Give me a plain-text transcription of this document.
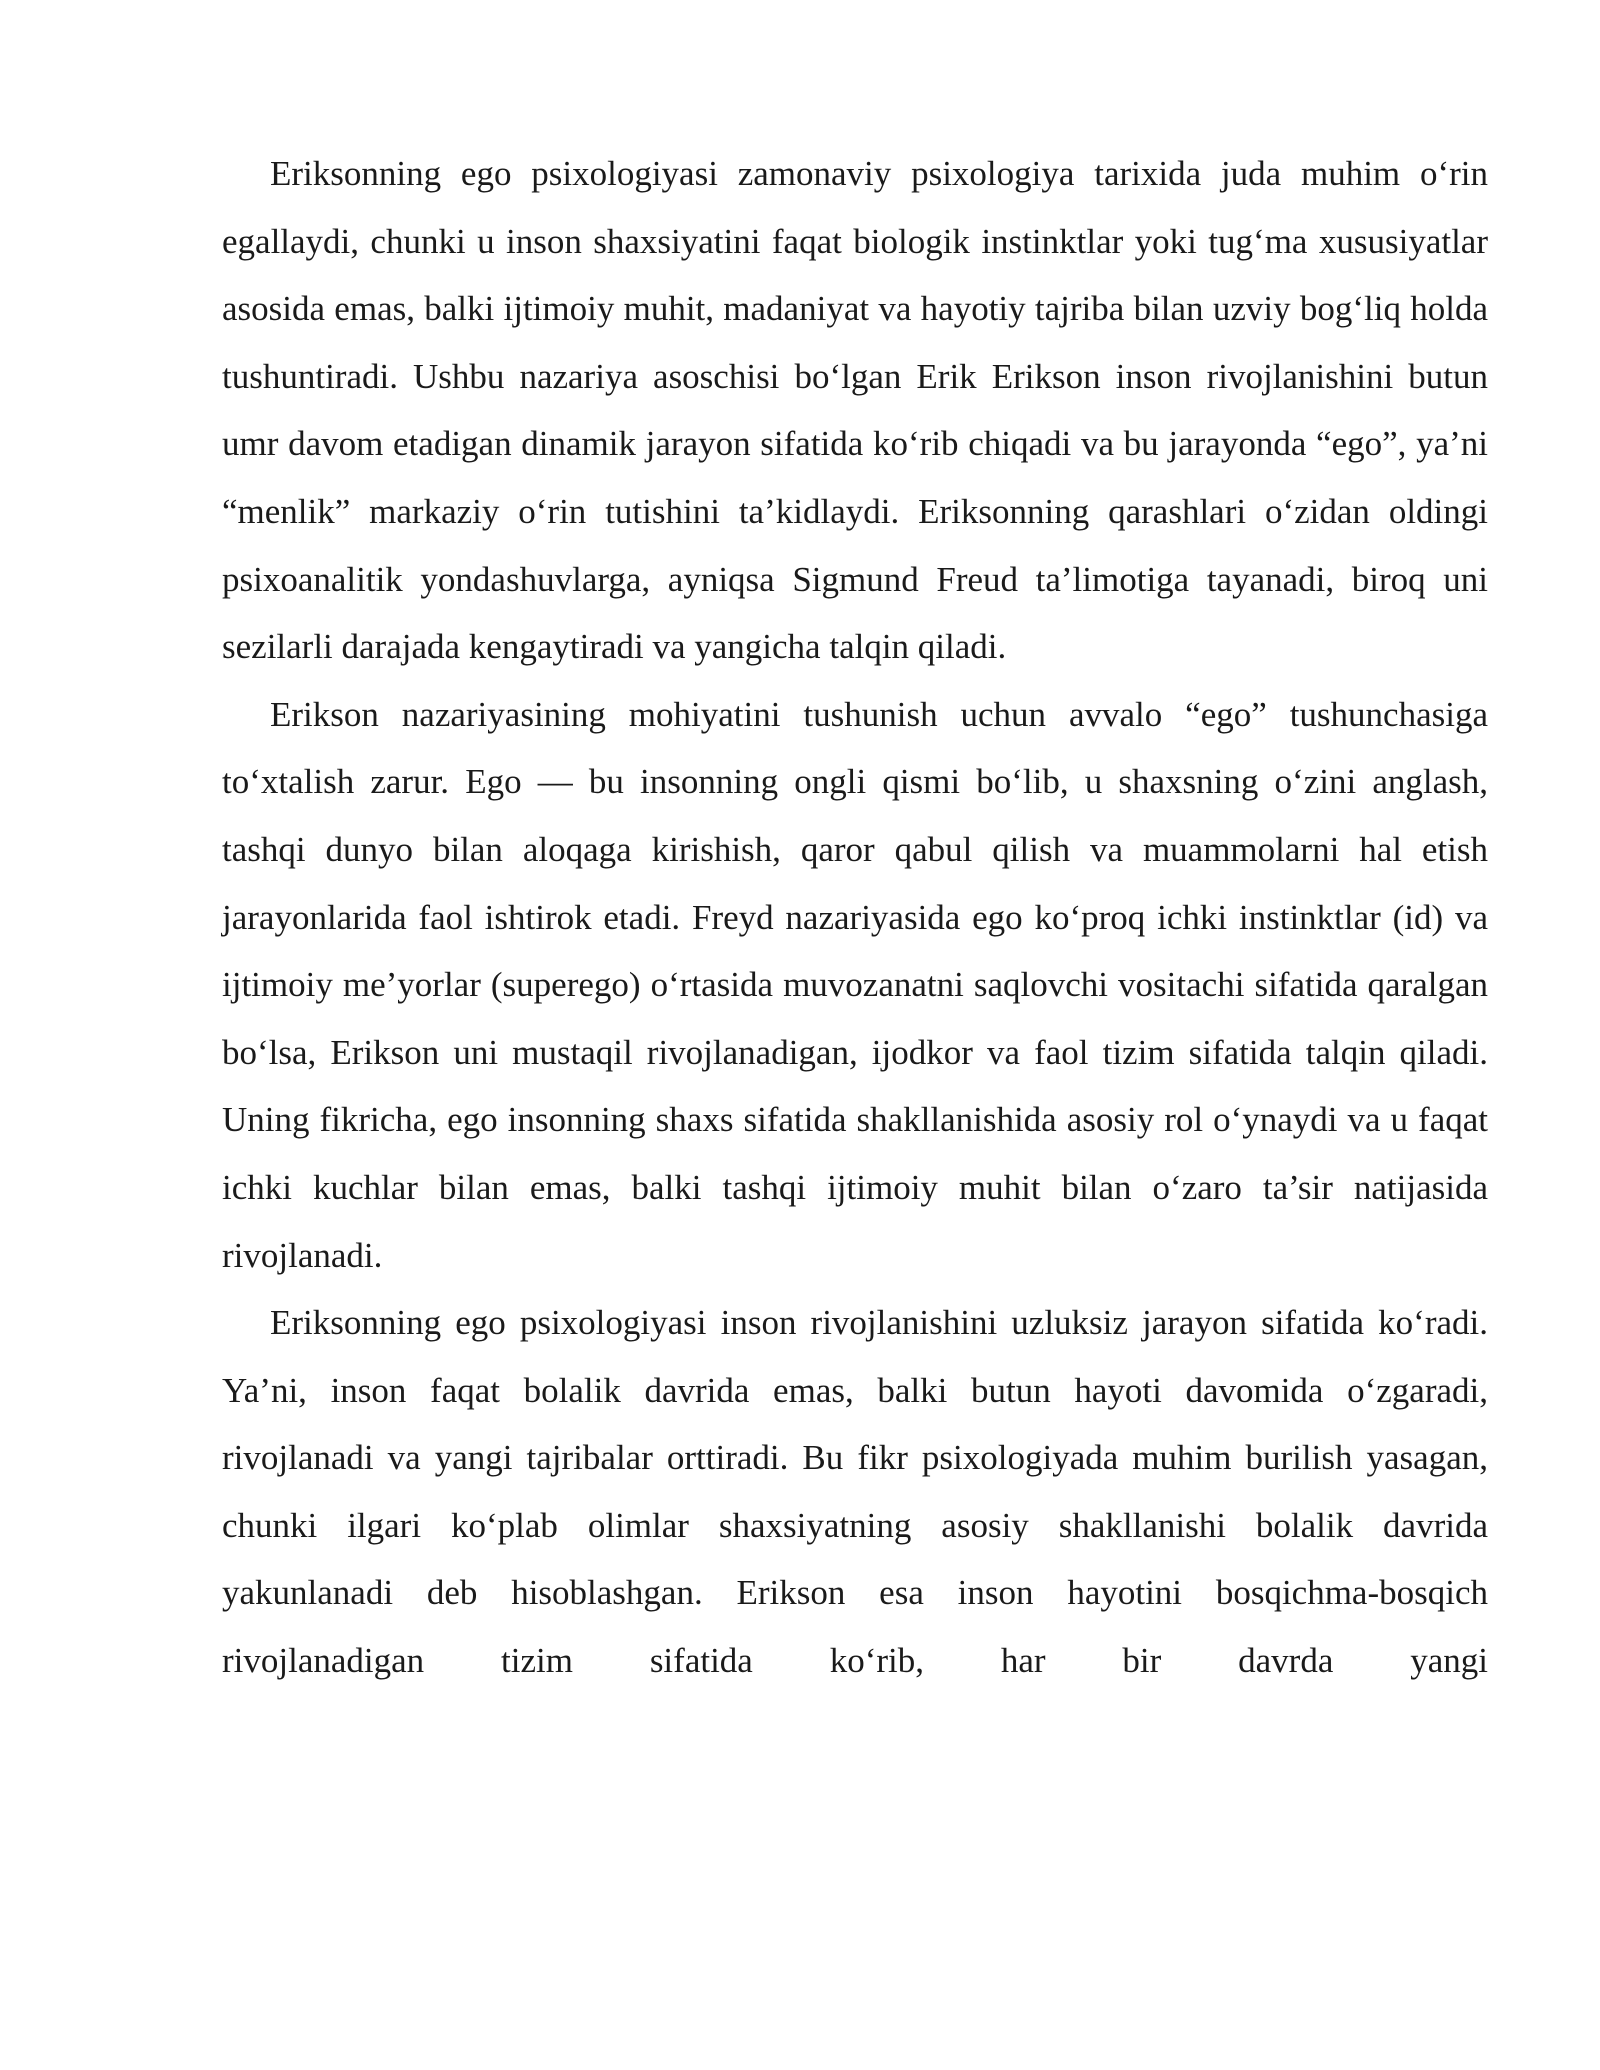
Eriksonning ego psixologiyasi zamonaviy psixologiya tarixida juda muhim o‘rin egallaydi, chunki u inson shaxsiyatini faqat biologik instinktlar yoki tug‘ma xususiyatlar asosida emas, balki ijtimoiy muhit, madaniyat va hayotiy tajriba bilan uzviy bog‘liq holda tushuntiradi. Ushbu nazariya asoschisi bo‘lgan Erik Erikson inson rivojlanishini butun umr davom etadigan dinamik jarayon sifatida ko‘rib chiqadi va bu jarayonda “ego”, ya’ni “menlik” markaziy o‘rin tutishini ta’kidlaydi. Eriksonning qarashlari o‘zidan oldingi psixoanalitik yondashuvlarga, ayniqsa Sigmund Freud ta’limotiga tayanadi, biroq uni sezilarli darajada kengaytiradi va yangicha talqin qiladi.

Erikson nazariyasining mohiyatini tushunish uchun avvalo “ego” tushunchasiga to‘xtalish zarur. Ego — bu insonning ongli qismi bo‘lib, u shaxsning o‘zini anglash, tashqi dunyo bilan aloqaga kirishish, qaror qabul qilish va muammolarni hal etish jarayonlarida faol ishtirok etadi. Freyd nazariyasida ego ko‘proq ichki instinktlar (id) va ijtimoiy me’yorlar (superego) o‘rtasida muvozanatni saqlovchi vositachi sifatida qaralgan bo‘lsa, Erikson uni mustaqil rivojlanadigan, ijodkor va faol tizim sifatida talqin qiladi. Uning fikricha, ego insonning shaxs sifatida shakllanishida asosiy rol o‘ynaydi va u faqat ichki kuchlar bilan emas, balki tashqi ijtimoiy muhit bilan o‘zaro ta’sir natijasida rivojlanadi.

Eriksonning ego psixologiyasi inson rivojlanishini uzluksiz jarayon sifatida ko‘radi. Ya’ni, inson faqat bolalik davrida emas, balki butun hayoti davomida o‘zgaradi, rivojlanadi va yangi tajribalar orttiradi. Bu fikr psixologiyada muhim burilish yasagan, chunki ilgari ko‘plab olimlar shaxsiyatning asosiy shakllanishi bolalik davrida yakunlanadi deb hisoblashgan. Erikson esa inson hayotini bosqichma-bosqich rivojlanadigan tizim sifatida ko‘rib, har bir davrda yangi
